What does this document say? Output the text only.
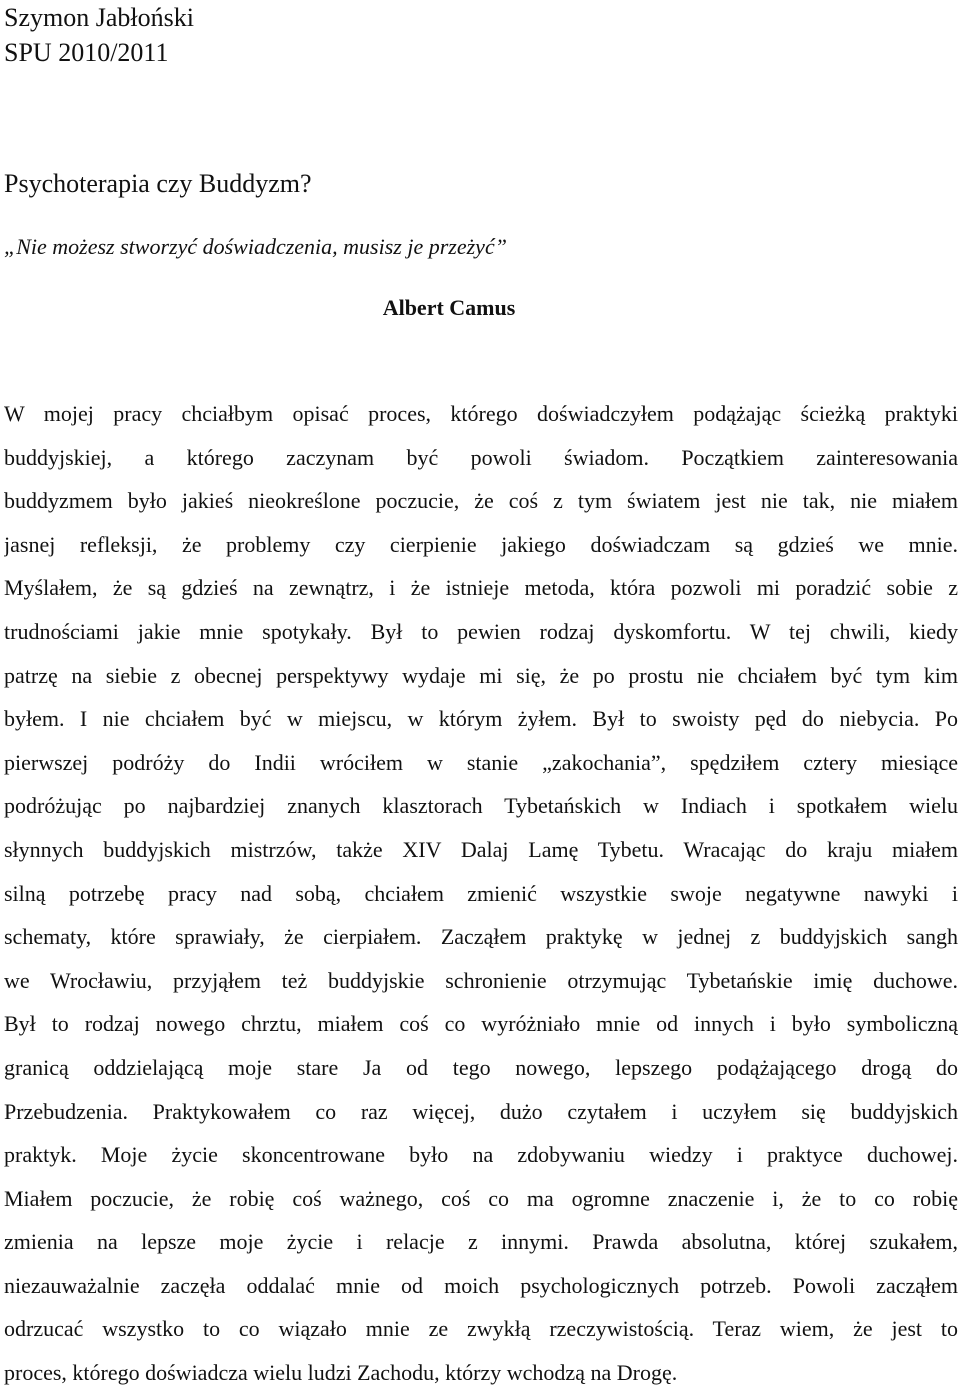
Szymon Jabłoński
SPU 2010/2011
Psychoterapia czy Buddyzm?
„Nie możesz stworzyć doświadczenia, musisz je przeżyć”
Albert Camus
W mojej pracy chciałbym opisać proces, którego doświadczyłem podążając ścieżką praktyki
buddyjskiej, a którego zaczynam być powoli świadom. Początkiem zainteresowania
buddyzmem było jakieś nieokreślone poczucie, że coś z tym światem jest nie tak, nie miałem
jasnej refleksji, że problemy czy cierpienie jakiego doświadczam są gdzieś we mnie.
Myślałem, że są gdzieś na zewnątrz, i że istnieje metoda, która pozwoli mi poradzić sobie z
trudnościami jakie mnie spotykały. Był to pewien rodzaj dyskomfortu. W tej chwili, kiedy
patrzę na siebie z obecnej perspektywy wydaje mi się, że po prostu nie chciałem być tym kim
byłem. I nie chciałem być w miejscu, w którym żyłem. Był to swoisty pęd do niebycia. Po
pierwszej podróży do Indii wróciłem w stanie „zakochania”, spędziłem cztery miesiące
podróżując po najbardziej znanych klasztorach Tybetańskich w Indiach i spotkałem wielu
słynnych buddyjskich mistrzów, także XIV Dalaj Lamę Tybetu. Wracając do kraju miałem
silną potrzebę pracy nad sobą, chciałem zmienić wszystkie swoje negatywne nawyki i
schematy, które sprawiały, że cierpiałem. Zacząłem praktykę w jednej z buddyjskich sangh
we Wrocławiu, przyjąłem też buddyjskie schronienie otrzymując Tybetańskie imię duchowe.
Był to rodzaj nowego chrztu, miałem coś co wyróżniało mnie od innych i było symboliczną
granicą oddzielającą moje stare Ja od tego nowego, lepszego podążającego drogą do
Przebudzenia. Praktykowałem co raz więcej, dużo czytałem i uczyłem się buddyjskich
praktyk. Moje życie skoncentrowane było na zdobywaniu wiedzy i praktyce duchowej.
Miałem poczucie, że robię coś ważnego, coś co ma ogromne znaczenie i, że to co robię
zmienia na lepsze moje życie i relacje z innymi. Prawda absolutna, której szukałem,
niezauważalnie zaczęła oddalać mnie od moich psychologicznych potrzeb. Powoli zacząłem
odrzucać wszystko to co wiązało mnie ze zwykłą rzeczywistością. Teraz wiem, że jest to
proces, którego doświadcza wielu ludzi Zachodu, którzy wchodzą na Drogę.
